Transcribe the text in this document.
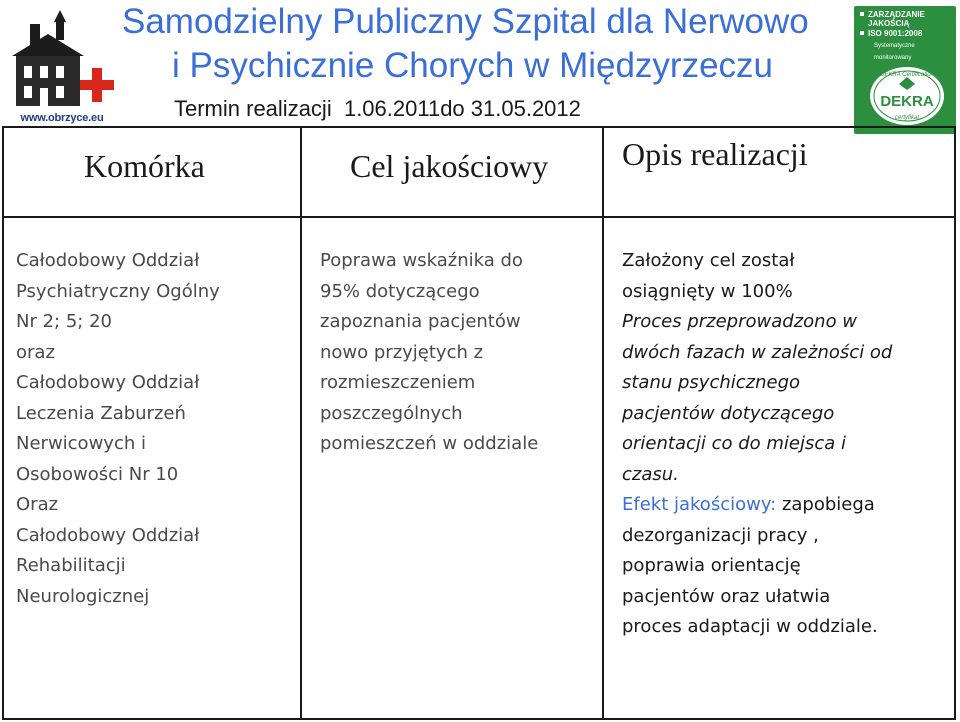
www.obrzyce.eu
Samodzielny Publiczny Szpital dla Nerwowo
i Psychicznie Chorych w Międzyrzeczu
Termin realizacji 1.06.2011do 31.05.2012
ZARZĄDZANIE JAKOŚCIĄ
ISO 9001:2008
Systematyczne
monitorowany
DEKRA
certyfikat
DEKRA Certification
Komórka	Cel jakościowy Opis realizacji
Całodobowy Oddział
Psychiatryczny Ogólny
Nr 2; 5; 20
oraz
Całodobowy Oddział
Leczenia Zaburzeń
Nerwicowych i
Osobowości Nr 10
Oraz
Całodobowy Oddział
Rehabilitacji
Neurologicznej
Poprawa wskaźnika do
95% dotyczącego
zapoznania pacjentów
nowo przyjętych z
rozmieszczeniem
poszczególnych
pomieszczeń w oddziale
Założony cel został
osiągnięty w 100%
Proces przeprowadzono w
dwóch fazach w zależności od
stanu psychicznego
pacjentów dotyczącego
orientacji co do miejsca i
czasu.
Efekt jakościowy: zapobiega
dezorganizacji pracy ,
poprawia orientację
pacjentów oraz ułatwia
proces adaptacji w oddziale.
